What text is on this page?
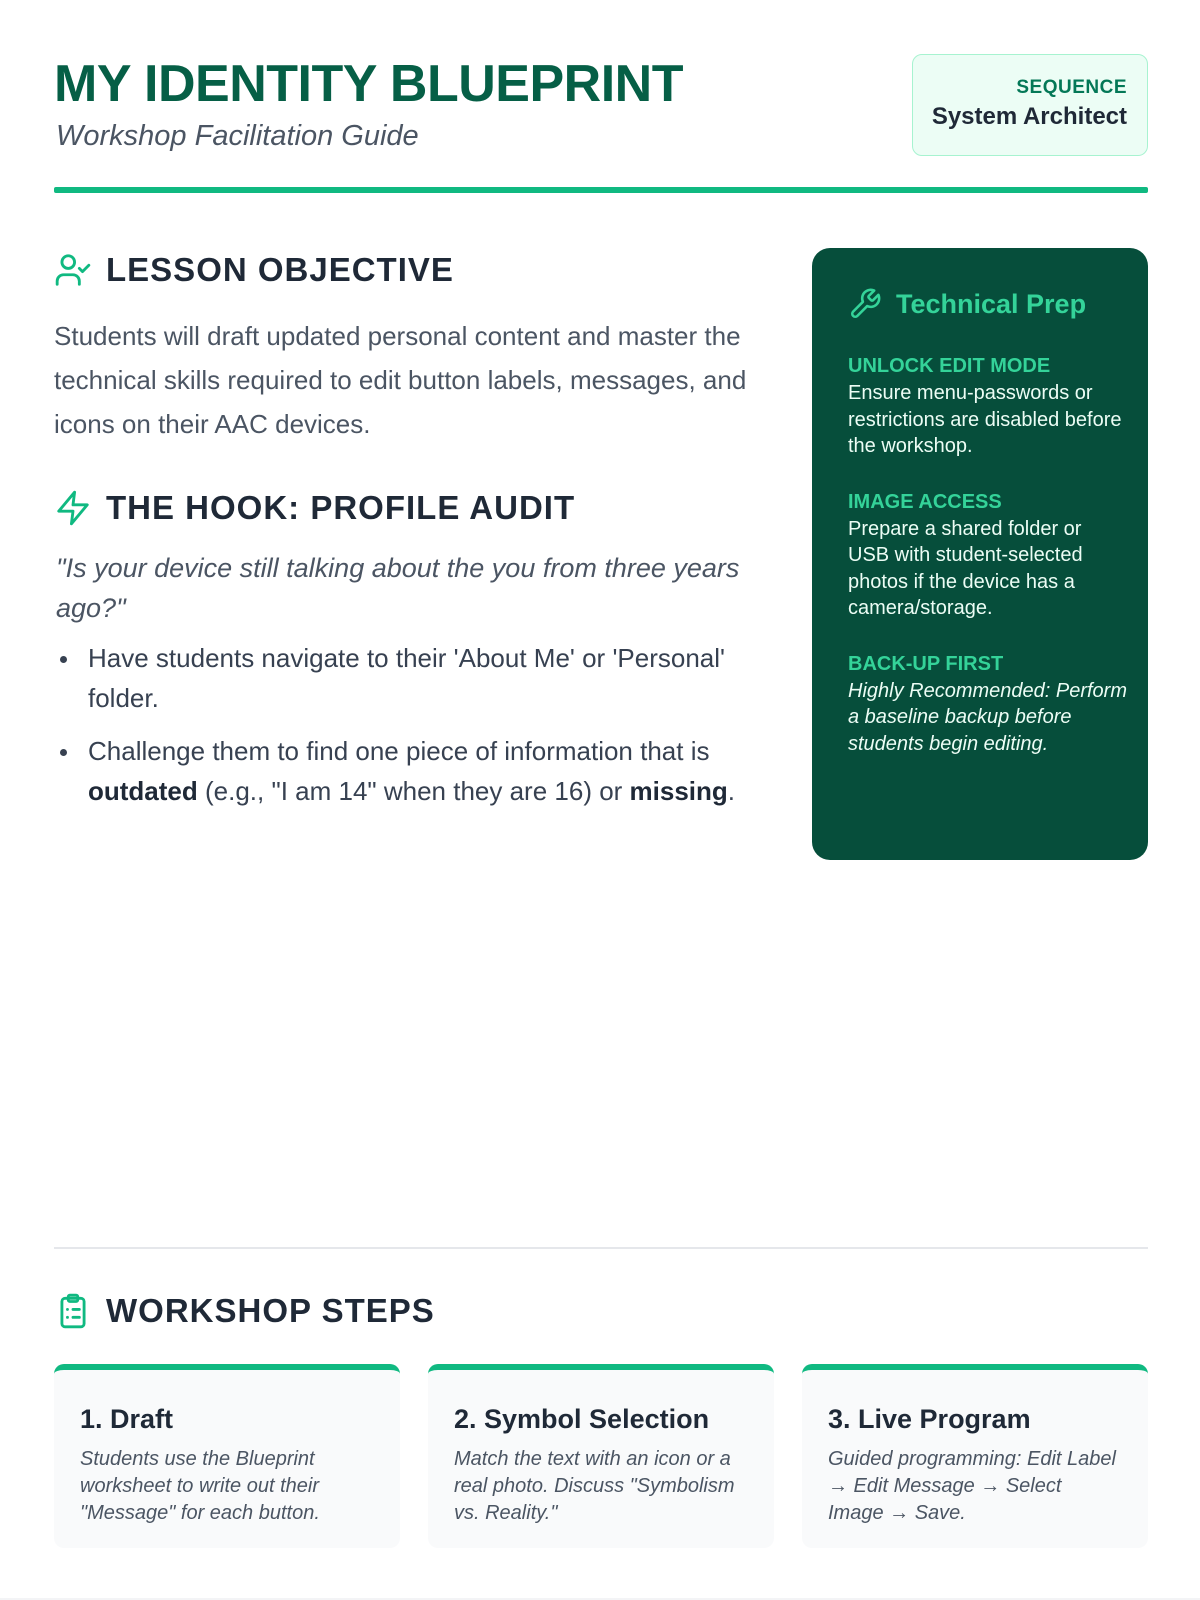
MY IDENTITY BLUEPRINT
Workshop Facilitation Guide
SEQUENCE
System Architect
LESSON OBJECTIVE

Students will draft updated personal content and master the technical skills required to edit button labels, messages, and icons on their AAC devices.

THE HOOK: PROFILE AUDIT

"Is your device still talking about the you from three years ago?"

Have students navigate to their 'About Me' or 'Personal' folder.
Challenge them to find one piece of information that is outdated (e.g., "I am 14" when they are 16) or missing.
Technical Prep
UNLOCK EDIT MODE
Ensure menu-passwords or restrictions are disabled before the workshop.
IMAGE ACCESS
Prepare a shared folder or USB with student-selected photos if the device has a camera/storage.
BACK-UP FIRST
Highly Recommended: Perform a baseline backup before students begin editing.
WORKSHOP STEPS
1. Draft
Students use the Blueprint worksheet to write out their "Message" for each button.
2. Symbol Selection
Match the text with an icon or a real photo. Discuss "Symbolism vs. Reality."
3. Live Program
Guided programming: Edit Label → Edit Message → Select Image → Save.
